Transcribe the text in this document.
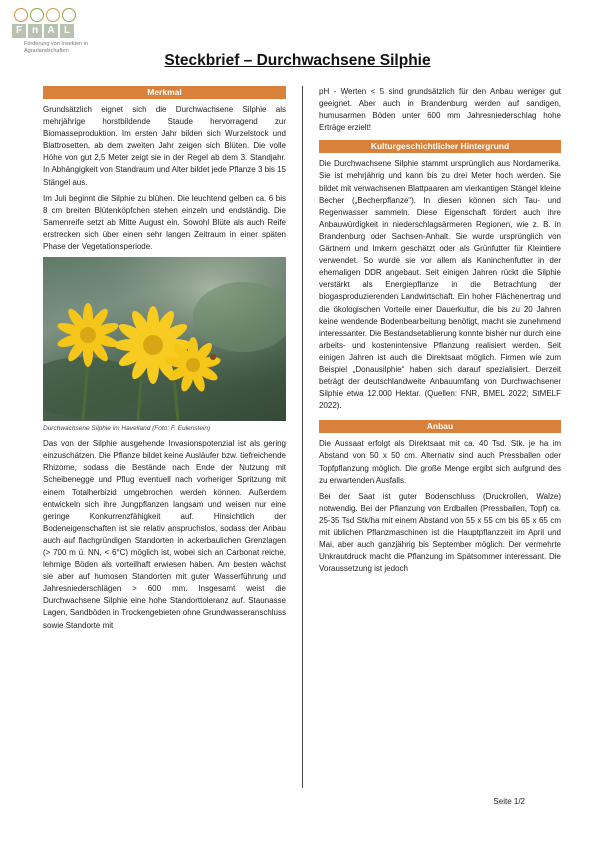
F n A L
Förderung von Insekten in Agrarlandschaften
Steckbrief – Durchwachsene Silphie
Merkmal

Grundsätzlich eignet sich die Durchwachsene Silphie als mehrjährige horstbildende Staude hervorragend zur Biomasseproduktion. Im ersten Jahr bilden sich Wurzelstock und Blattrosetten, ab dem zweiten Jahr zeigen sich Blüten. Die volle Höhe von gut 2,5 Meter zeigt sie in der Regel ab dem 3. Standjahr. In Abhängigkeit von Standraum und Alter bildet jede Pflanze 3 bis 15 Stängel aus.

Im Juli beginnt die Silphie zu blühen. Die leuchtend gelben ca. 6 bis 8 cm breiten Blütenköpfchen stehen einzeln und endständig. Die Samenreife setzt ab Mitte August ein. Sowohl Blüte als auch Reife erstrecken sich über einen sehr langen Zeitraum in einer späten Phase der Vegetationsperiode.

Durchwachsene Silphie im Havelland (Foto: F. Eulenstein)

Das von der Silphie ausgehende Invasionspotenzial ist als gering einzuschätzen. Die Pflanze bildet keine Ausläufer bzw. tiefreichende Rhizome, sodass die Bestände nach Ende der Nutzung mit Scheibenegge und Pflug eventuell nach vorheriger Spritzung mit einem Totalherbizid umgebrochen werden können. Außerdem entwickeln sich ihre Jungpflanzen langsam und weisen nur eine geringe Konkurrenzfähigkeit auf. Hinsichtlich der Bodeneigenschaften ist sie relativ anspruchslos, sodass der Anbau auch auf flachgründigen Standorten in ackerbaulichen Grenzlagen (> 700 m ü. NN, < 6°C) möglich ist, wobei sich an Carbonat reiche, lehmige Böden als vorteilhaft erwiesen haben. Am besten wächst sie aber auf humosen Standorten mit guter Wasserführung und Jahresniederschlägen > 600 mm. Insgesamt weist die Durchwachsene Silphie eine hohe Standorttoleranz auf. Staunasse Lagen, Sandböden in Trockengebieten ohne Grundwasseranschluss sowie Standorte mit

pH - Werten < 5 sind grundsätzlich für den Anbau weniger gut geeignet. Aber auch in Brandenburg werden auf sandigen, humusarmen Böden unter 600 mm Jahresniederschlag hohe Erträge erzielt!

Kulturgeschichtlicher Hintergrund

Die Durchwachsene Silphie stammt ursprünglich aus Nordamerika. Sie ist mehrjährig und kann bis zu drei Meter hoch werden. Sie bildet mit verwachsenen Blattpaaren am vierkantigen Stängel kleine Becher („Becherpflanze“). In diesen können sich Tau- und Regenwasser sammeln. Diese Eigenschaft fördert auch ihre Anbauwürdigkeit in niederschlagsärmeren Regionen, wie z. B. in Brandenburg oder Sachsen-Anhalt. Sie wurde ursprünglich von Gärtnern und Imkern geschätzt oder als Grünfutter für Kleintiere verwendet. So wurde sie vor allem als Kaninchenfutter in der ehemaligen DDR angebaut. Seit einigen Jahren rückt die Silphie verstärkt als Energiepflanze in die Betrachtung der biogasproduzierenden Landwirtschaft. Ein hoher Flächenertrag und die ökologischen Vorteile einer Dauerkultur, die bis zu 20 Jahren keine wendende Bodenbearbeitung benötigt, macht sie zunehmend interessanter. Die Bestandsetablierung konnte bisher nur durch eine arbeits- und kostenintensive Pflanzung realisiert werden. Seit einigen Jahren ist auch die Direktsaat möglich. Firmen wie zum Beispiel „Donausilphie“ haben sich darauf spezialisiert. Derzeit beträgt der deutschlandweite Anbauumfang von Durchwachsener Silphie etwa 12.000 Hektar. (Quellen: FNR, BMEL 2022; StMELF 2022).

Anbau

Die Aussaat erfolgt als Direktsaat mit ca. 40 Tsd. Stk. je ha im Abstand von 50 x 50 cm. Alternativ sind auch Pressballen oder Topfpflanzung möglich. Die große Menge ergibt sich aufgrund des zu erwartenden Ausfalls.

Bei der Saat ist guter Bodenschluss (Druckrollen, Walze) notwendig. Bei der Pflanzung von Erdballen (Pressballen, Topf) ca. 25-35 Tsd Stk/ha mit einem Abstand von 55 x 55 cm bis 65 x 65 cm mit üblichen Pflanzmaschinen ist die Hauptpflanzzeit im April und Mai, aber auch ganzjährig bis September möglich. Der vermehrte Unkrautdruck macht die Pflanzung im Spätsommer interessant. Die Voraussetzung ist jedoch

Seite 1/2
